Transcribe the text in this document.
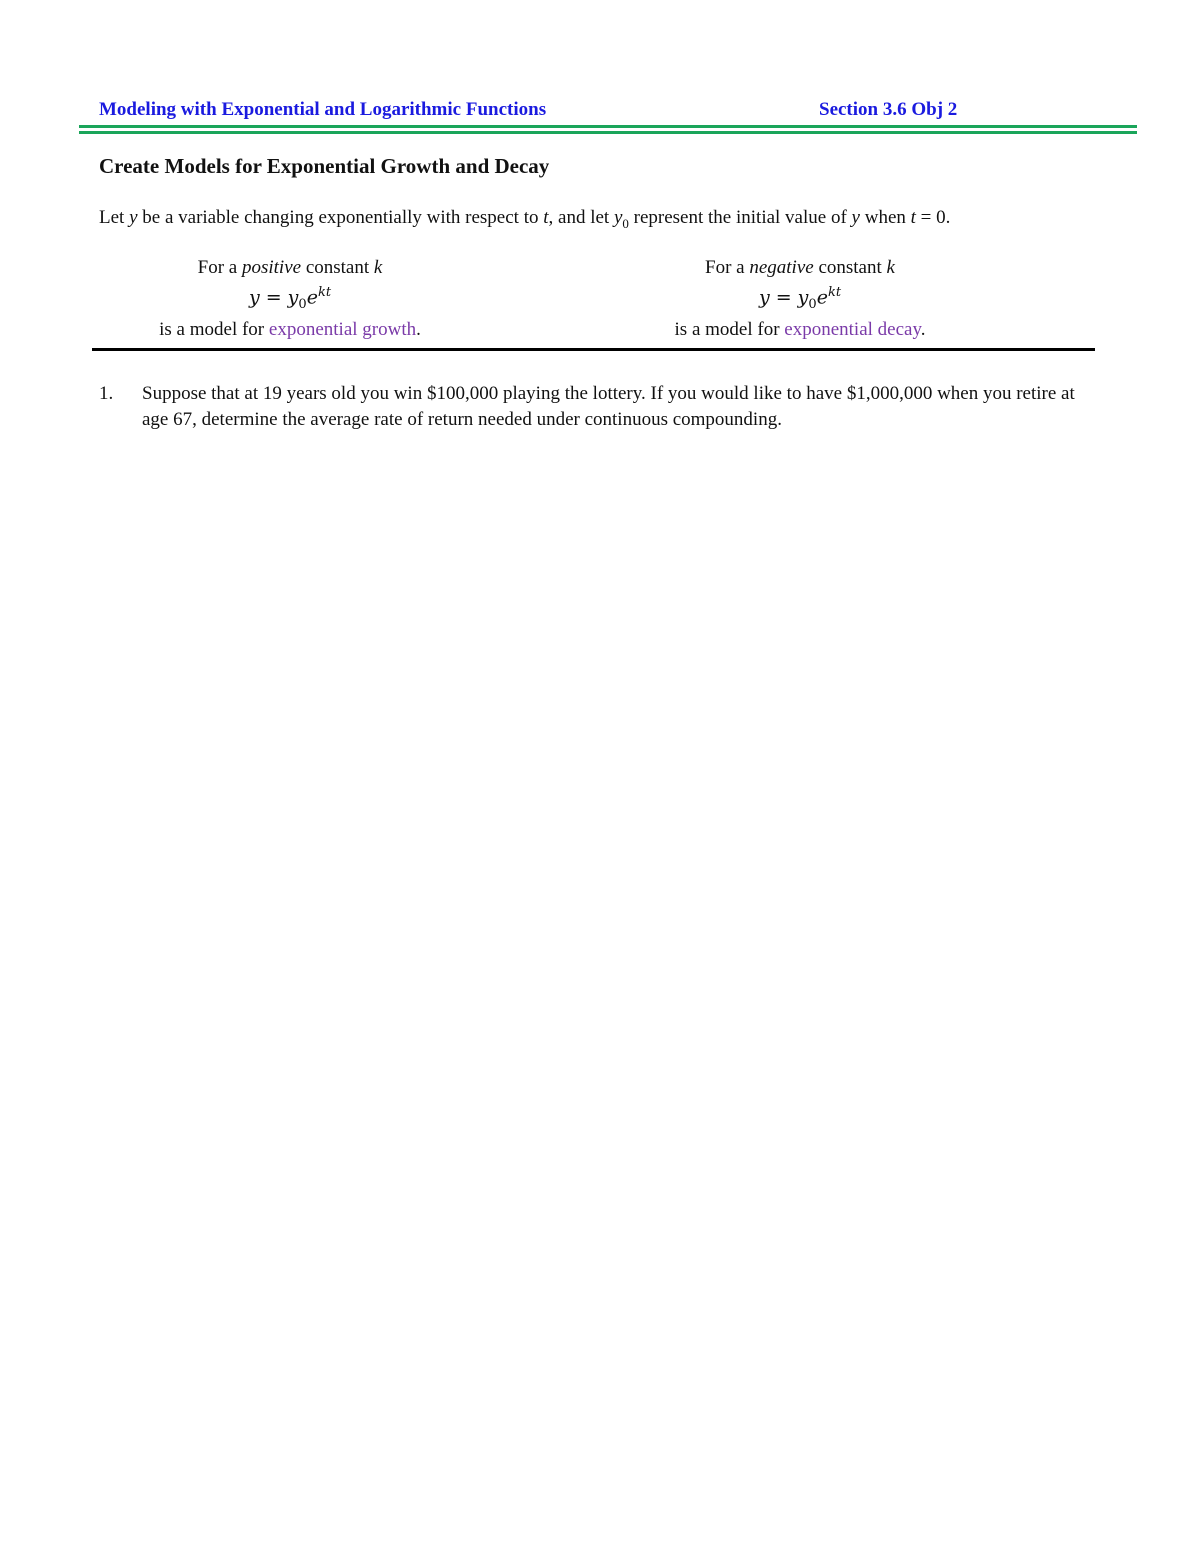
Modeling with Exponential and Logarithmic Functions	Section 3.6 Obj 2
Create Models for Exponential Growth and Decay
Let y be a variable changing exponentially with respect to t, and let $y_0$ represent the initial value of y when t = 0.
For a positive constant k
$y = y_0e^{kt}$
is a model for exponential growth.
For a negative constant k
$y = y_0e^{kt}$
is a model for exponential decay.
1. Suppose that at 19 years old you win $100,000 playing the lottery. If you would like to have $1,000,000 when you retire at age 67, determine the average rate of return needed under continuous compounding.
